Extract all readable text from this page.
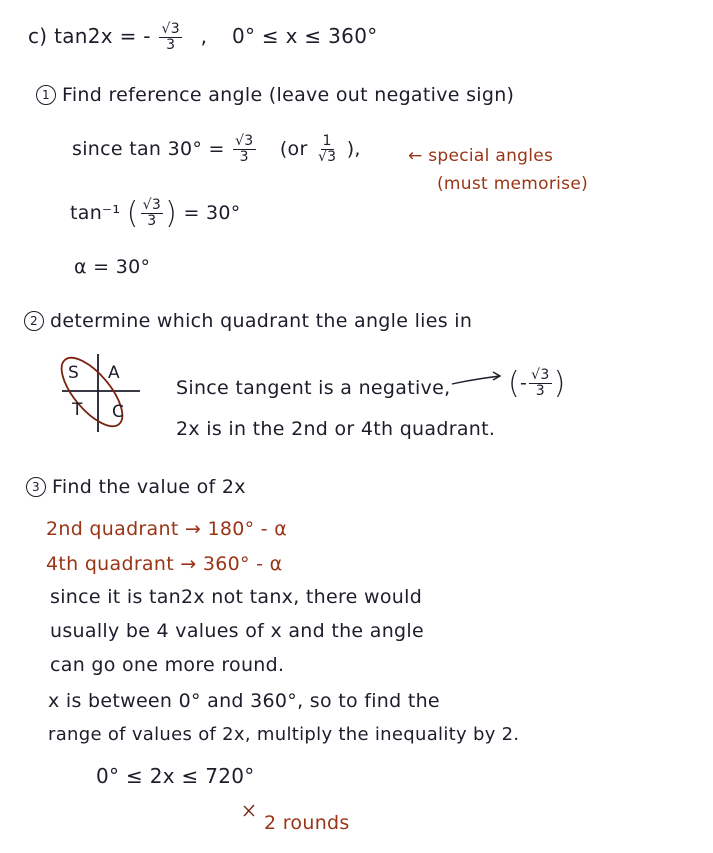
c) tan2x = - $\frac{√3}{3}$ , 0° ≤ x ≤ 360°
1 Find reference angle (leave out negative sign)
since $\tan 30^\circ = \frac{√3}{3} (or \frac{1}{√3}$ ),	← special angles
(must memorise)
tan⁻¹ ( $\frac{√3}{3}$ ) = 30°
α = 30°
2 determine which quadrant the angle lies in
S A
T C
Since tangent is a negative, (- $\frac{√3}{3}$ )
2x is in the 2nd or 4th quadrant.
3 Find the value of 2x
2nd quadrant → 180° - α
4th quadrant → 360° - α
since it is tan2x not tanx, there would
usually be 4 values of x and the angle
can go one more round.
x is between 0° and 360°, so to find the
range of values of 2x, multiply the inequality by 2.
0° ≤ 2x ≤ 720°
2 rounds
